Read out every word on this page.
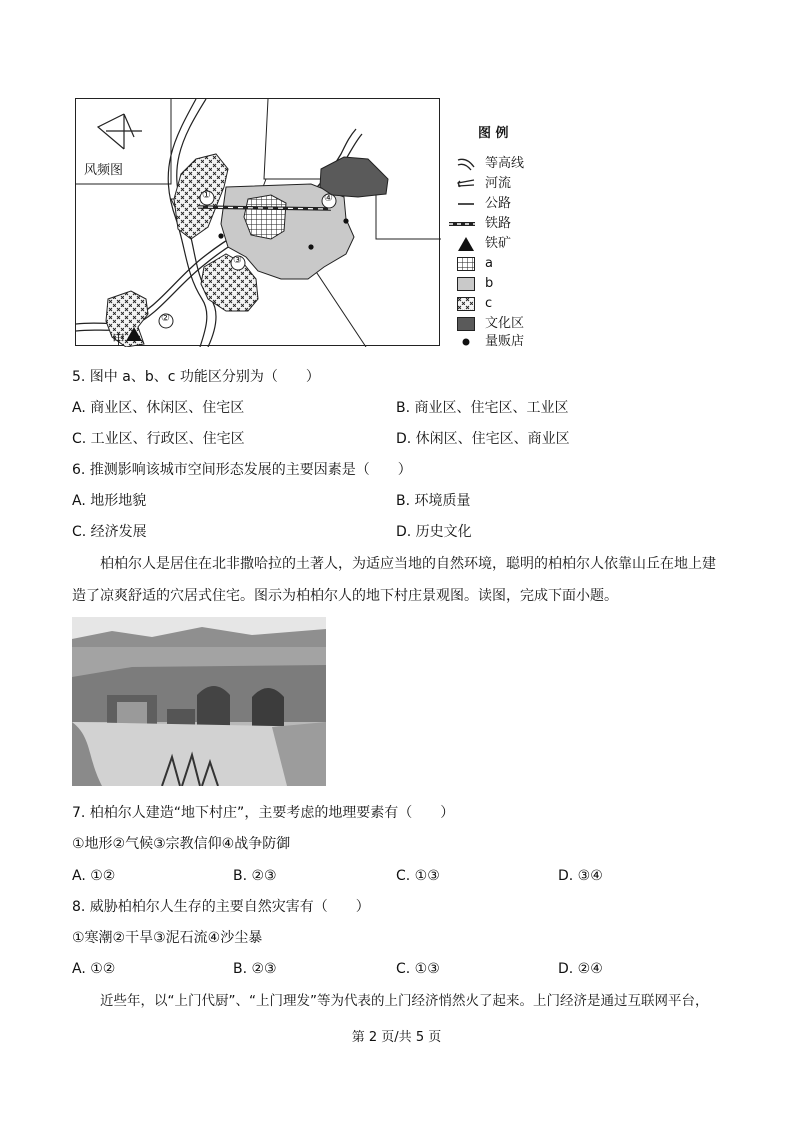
风频图
①
②
③
④
甲
图 例
等高线
河流
公路
铁路
铁矿
a
b
c
文化区
量贩店
5. 图中 a、b、c 功能区分别为（　　）
A. 商业区、休闲区、住宅区	B. 商业区、住宅区、工业区
C. 工业区、行政区、住宅区	D. 休闲区、住宅区、商业区
6. 推测影响该城市空间形态发展的主要因素是（　　）
A. 地形地貌	B. 环境质量
C. 经济发展	D. 历史文化
柏柏尔人是居住在北非撒哈拉的土著人，为适应当地的自然环境，聪明的柏柏尔人依靠山丘在地上建
造了凉爽舒适的穴居式住宅。图示为柏柏尔人的地下村庄景观图。读图，完成下面小题。
7. 柏柏尔人建造“地下村庄”，主要考虑的地理要素有（　　）
①地形②气候③宗教信仰④战争防御
A. ①②	B. ②③	C. ①③	D. ③④
8. 威胁柏柏尔人生存的主要自然灾害有（　　）
①寒潮②干旱③泥石流④沙尘暴
A. ①②	B. ②③	C. ①③	D. ②④
近些年，以“上门代厨”、“上门理发”等为代表的上门经济悄然火了起来。上门经济是通过互联网平台，
第 2 页/共 5 页
